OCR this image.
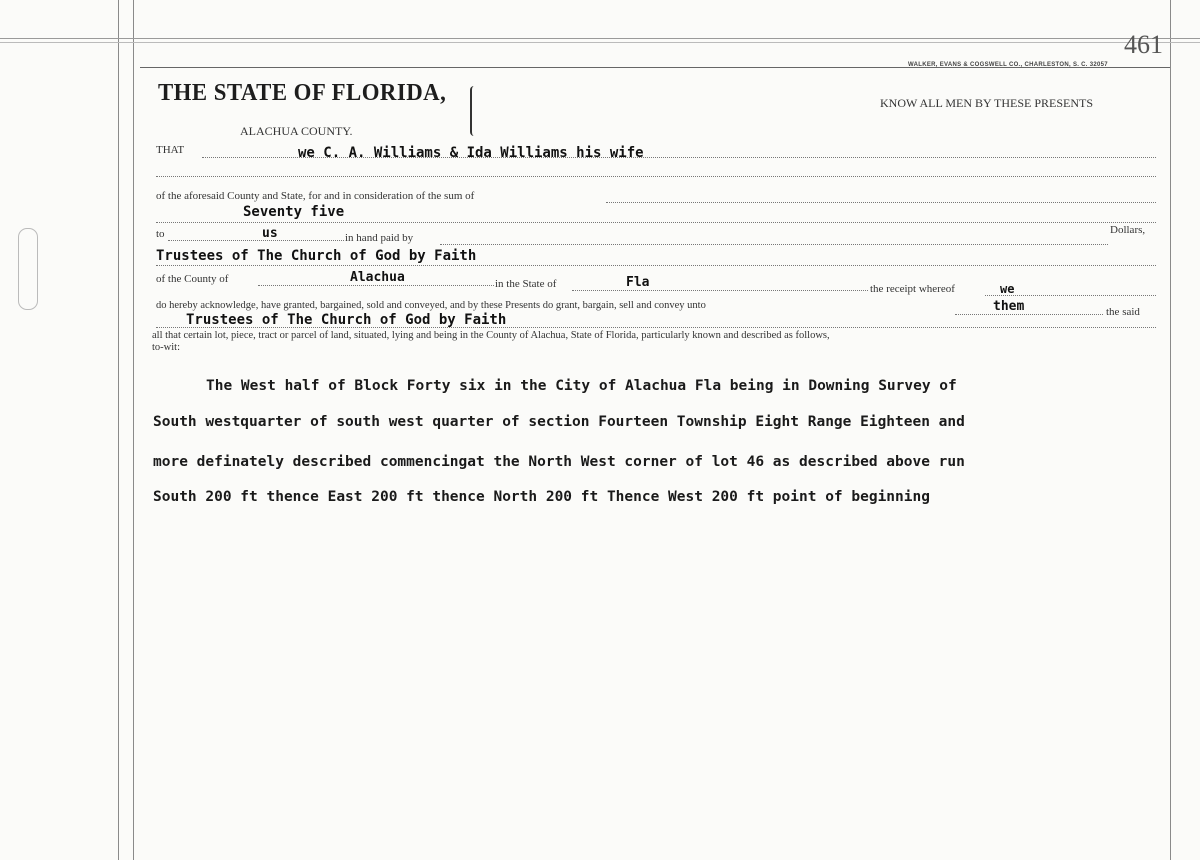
461
WALKER, EVANS & COGSWELL CO., CHARLESTON, S. C. 32057
THE STATE OF FLORIDA,	KNOW ALL MEN BY THESE PRESENTS
ALACHUA COUNTY.
THAT	we C. A. Williams & Ida Williams his wife
of the aforesaid County and State, for and in consideration of the sum of
Seventy five
to	us	in hand paid by
Dollars,
Trustees of The Church of God by Faith
of the County of	Alachua	in the State of	Fla	the receipt whereof	we
do hereby acknowledge, have granted, bargained, sold and conveyed, and by these Presents do grant, bargain, sell and convey unto	them	the said
Trustees of The Church of God by Faith
all that certain lot, piece, tract or parcel of land, situated, lying and being in the County of Alachua, State of Florida, particularly known and described as follows,
to-wit:
The West half of Block Forty six in the City of Alachua Fla being in Downing Survey of
South westquarter of south west quarter of section Fourteen Township Eight Range Eighteen and
more definately described commencingat the North West corner of lot 46 as described above run
South 200 ft thence East 200 ft thence North 200 ft Thence West 200 ft point of beginning
